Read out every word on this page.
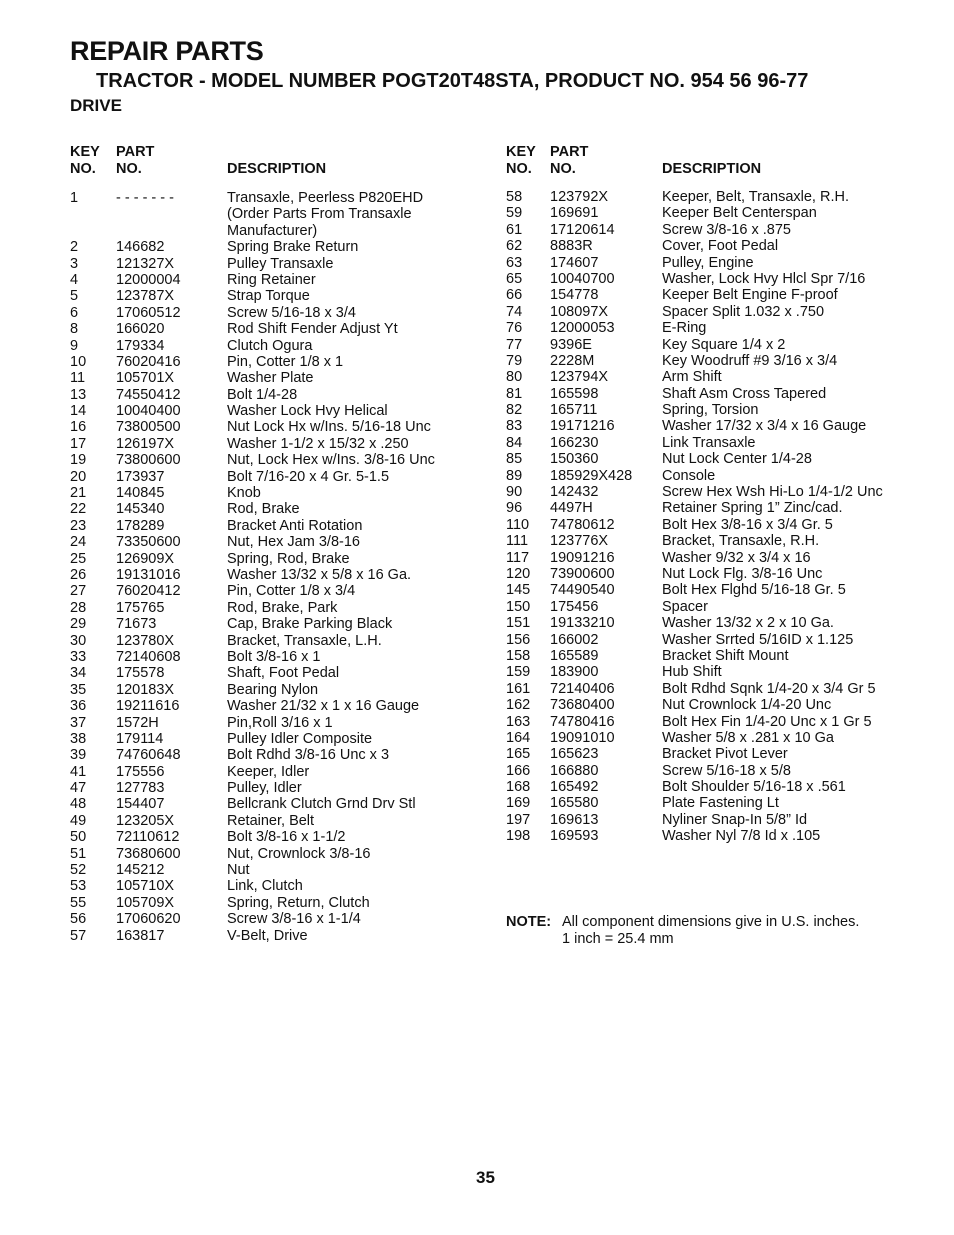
REPAIR PARTS
TRACTOR - MODEL NUMBER POGT20T48STA, PRODUCT NO. 954 56 96-77
DRIVE
KEY
NO.
PART
NO.	DESCRIPTION
1	- - - - - - -	Transaxle, Peerless P820EHD
(Order Parts From Transaxle
Manufacturer)
2	146682	Spring Brake Return
3	121327X	Pulley Transaxle
4	12000004	Ring Retainer
5	123787X	Strap Torque
6	17060512	Screw 5/16-18 x 3/4
8	166020	Rod Shift Fender Adjust Yt
9	179334	Clutch Ogura
10 76020416	Pin, Cotter 1/8 x 1
11 105701X	Washer Plate
13 74550412	Bolt 1/4-28
14 10040400	Washer Lock Hvy Helical
16 73800500	Nut Lock Hx w/Ins. 5/16-18 Unc
17 126197X	Washer 1-1/2 x 15/32 x .250
19 73800600	Nut, Lock Hex w/Ins. 3/8-16 Unc
20 173937	Bolt 7/16-20 x 4 Gr. 5-1.5
21 140845	Knob
22 145340	Rod, Brake
23 178289	Bracket Anti Rotation
24 73350600	Nut, Hex Jam 3/8-16
25 126909X	Spring, Rod, Brake
26 19131016	Washer 13/32 x 5/8 x 16 Ga.
27 76020412	Pin, Cotter 1/8 x 3/4
28 175765	Rod, Brake, Park
29 71673	Cap, Brake Parking Black
30 123780X	Bracket, Transaxle, L.H.
33 72140608	Bolt 3/8-16 x 1
34 175578	Shaft, Foot Pedal
35 120183X	Bearing Nylon
36 19211616	Washer 21/32 x 1 x 16 Gauge
37 1572H	Pin,Roll 3/16 x 1
38 179114	Pulley Idler Composite
39 74760648	Bolt Rdhd 3/8-16 Unc x 3
41 175556	Keeper, Idler
47 127783	Pulley, Idler
48 154407	Bellcrank Clutch Grnd Drv Stl
49 123205X	Retainer, Belt
50 72110612	Bolt 3/8-16 x 1-1/2
51 73680600	Nut, Crownlock 3/8-16
52 145212	Nut
53 105710X	Link, Clutch
55 105709X	Spring, Return, Clutch
56 17060620	Screw 3/8-16 x 1-1/4
57 163817	V-Belt, Drive
KEY
NO.
PART
NO.	DESCRIPTION
58 123792X	Keeper, Belt, Transaxle, R.H.
59 169691	Keeper Belt Centerspan
61 17120614	Screw 3/8-16 x .875
62 8883R	Cover, Foot Pedal
63 174607	Pulley, Engine
65 10040700	Washer, Lock Hvy Hlcl Spr 7/16
66 154778	Keeper Belt Engine F-proof
74 108097X	Spacer Split 1.032 x .750
76 12000053	E-Ring
77 9396E	Key Square 1/4 x 2
79 2228M	Key Woodruff #9 3/16 x 3/4
80 123794X	Arm Shift
81 165598	Shaft Asm Cross Tapered
82 165711	Spring, Torsion
83 19171216	Washer 17/32 x 3/4 x 16 Gauge
84 166230	Link Transaxle
85 150360	Nut Lock Center 1/4-28
89 185929X428 Console
90 142432	Screw Hex Wsh Hi-Lo 1/4-1/2 Unc
96 4497H	Retainer Spring 1” Zinc/cad.
110 74780612	Bolt Hex 3/8-16 x 3/4 Gr. 5
111 123776X	Bracket, Transaxle, R.H.
117 19091216	Washer 9/32 x 3/4 x 16
120 73900600	Nut Lock Flg. 3/8-16 Unc
145 74490540	Bolt Hex Flghd 5/16-18 Gr. 5
150 175456	Spacer
151 19133210	Washer 13/32 x 2 x 10 Ga.
156 166002	Washer Srrted 5/16ID x 1.125
158 165589	Bracket Shift Mount
159 183900	Hub Shift
161 72140406	Bolt Rdhd Sqnk 1/4-20 x 3/4 Gr 5
162 73680400	Nut Crownlock 1/4-20 Unc
163 74780416	Bolt Hex Fin 1/4-20 Unc x 1 Gr 5
164 19091010	Washer 5/8 x .281 x 10 Ga
165 165623	Bracket Pivot Lever
166 166880	Screw 5/16-18 x 5/8
168 165492	Bolt Shoulder 5/16-18 x .561
169 165580	Plate Fastening Lt
197 169613	Nyliner Snap-In 5/8” Id
198 169593	Washer Nyl 7/8 Id x .105
NOTE: All component dimensions give in U.S. inches.
1 inch = 25.4 mm
35
